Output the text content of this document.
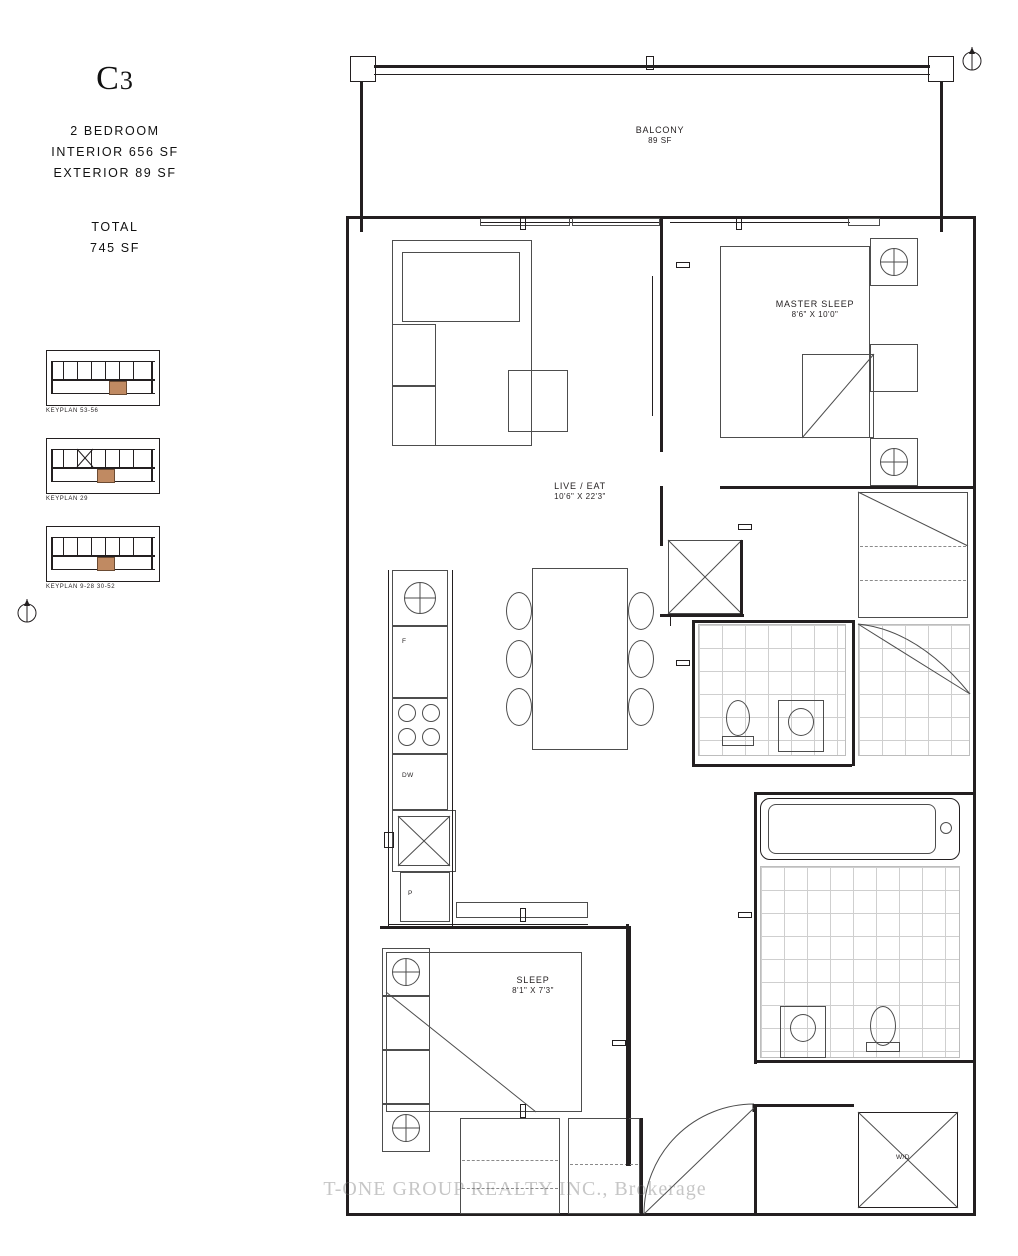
C3
2 BEDROOM
INTERIOR 656 SF
EXTERIOR 89 SF
TOTAL
745 SF
KEYPLAN 53-56
KEYPLAN 29
KEYPLAN 9-28 30-52
BALCONY
89 SF
LIVE / EAT
10'6" X 22'3"
F
DW
P
MASTER SLEEP
8'6" X 10'0"
SLEEP
8'1" X 7'3"
W/D
T-ONE GROUP REALTY INC., Brokerage
